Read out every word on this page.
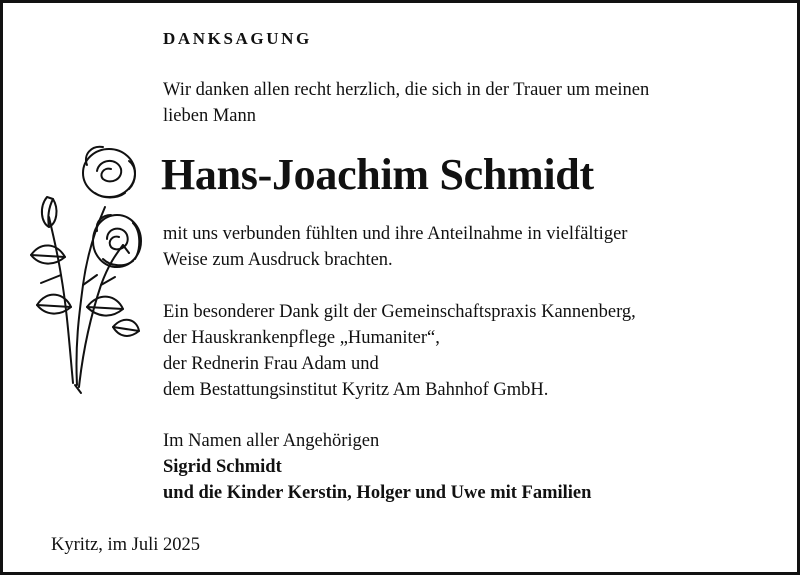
DANKSAGUNG

Wir danken allen recht herzlich, die sich in der Trauer um meinen
lieben Mann

Hans-Joachim Schmidt

mit uns verbunden fühlten und ihre Anteilnahme in vielfältiger
Weise zum Ausdruck brachten.

Ein besonderer Dank gilt der Gemeinschaftspraxis Kannenberg,
der Hauskrankenpflege „Humaniter“,
der Rednerin Frau Adam und
dem Bestattungsinstitut Kyritz Am Bahnhof GmbH.

Im Namen aller Angehörigen
Sigrid Schmidt
und die Kinder Kerstin, Holger und Uwe mit Familien

Kyritz, im Juli 2025
